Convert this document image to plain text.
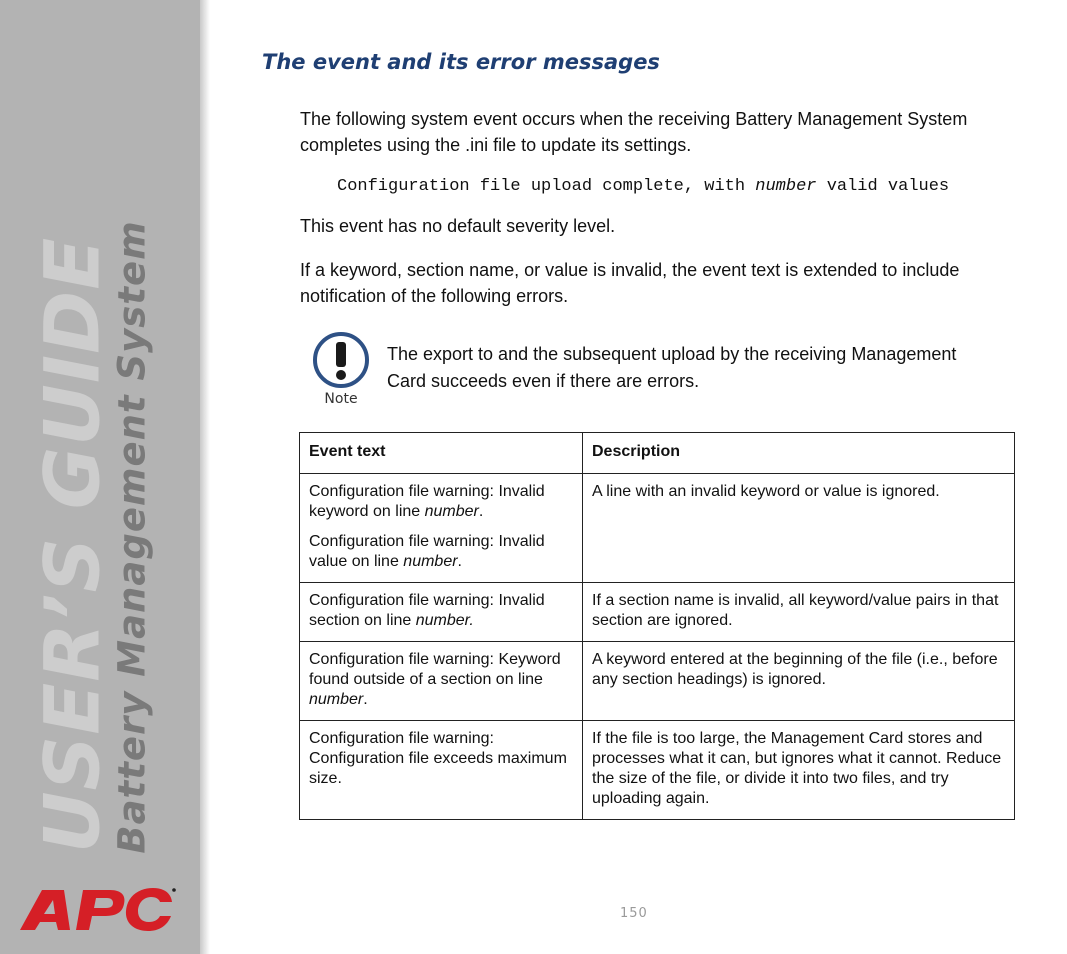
USER’S GUIDE
Battery Management System
The event and its error messages

The following system event occurs when the receiving Battery Management System completes using the .ini file to update its settings.

Configuration file upload complete, with number valid values

This event has no default severity level.

If a keyword, section name, or value is invalid, the event text is extended to include notification of the following errors.

Note

The export to and the subsequent upload by the receiving Management Card succeeds even if there are errors.

Event text	Description

Configuration file warning: Invalid keyword on line number.

Configuration file warning: Invalid value on line number.	A line with an invalid keyword or value is ignored.

Configuration file warning: Invalid section on line number.	If a section name is invalid, all keyword/value pairs in that section are ignored.

Configuration file warning: Keyword found outside of a section on line number.	A keyword entered at the beginning of the file (i.e., before any section headings) is ignored.

Configuration file warning: Configuration file exceeds maximum size.	If the file is too large, the Management Card stores and processes what it can, but ignores what it cannot. Reduce the size of the file, or divide it into two files, and try uploading again.
150
